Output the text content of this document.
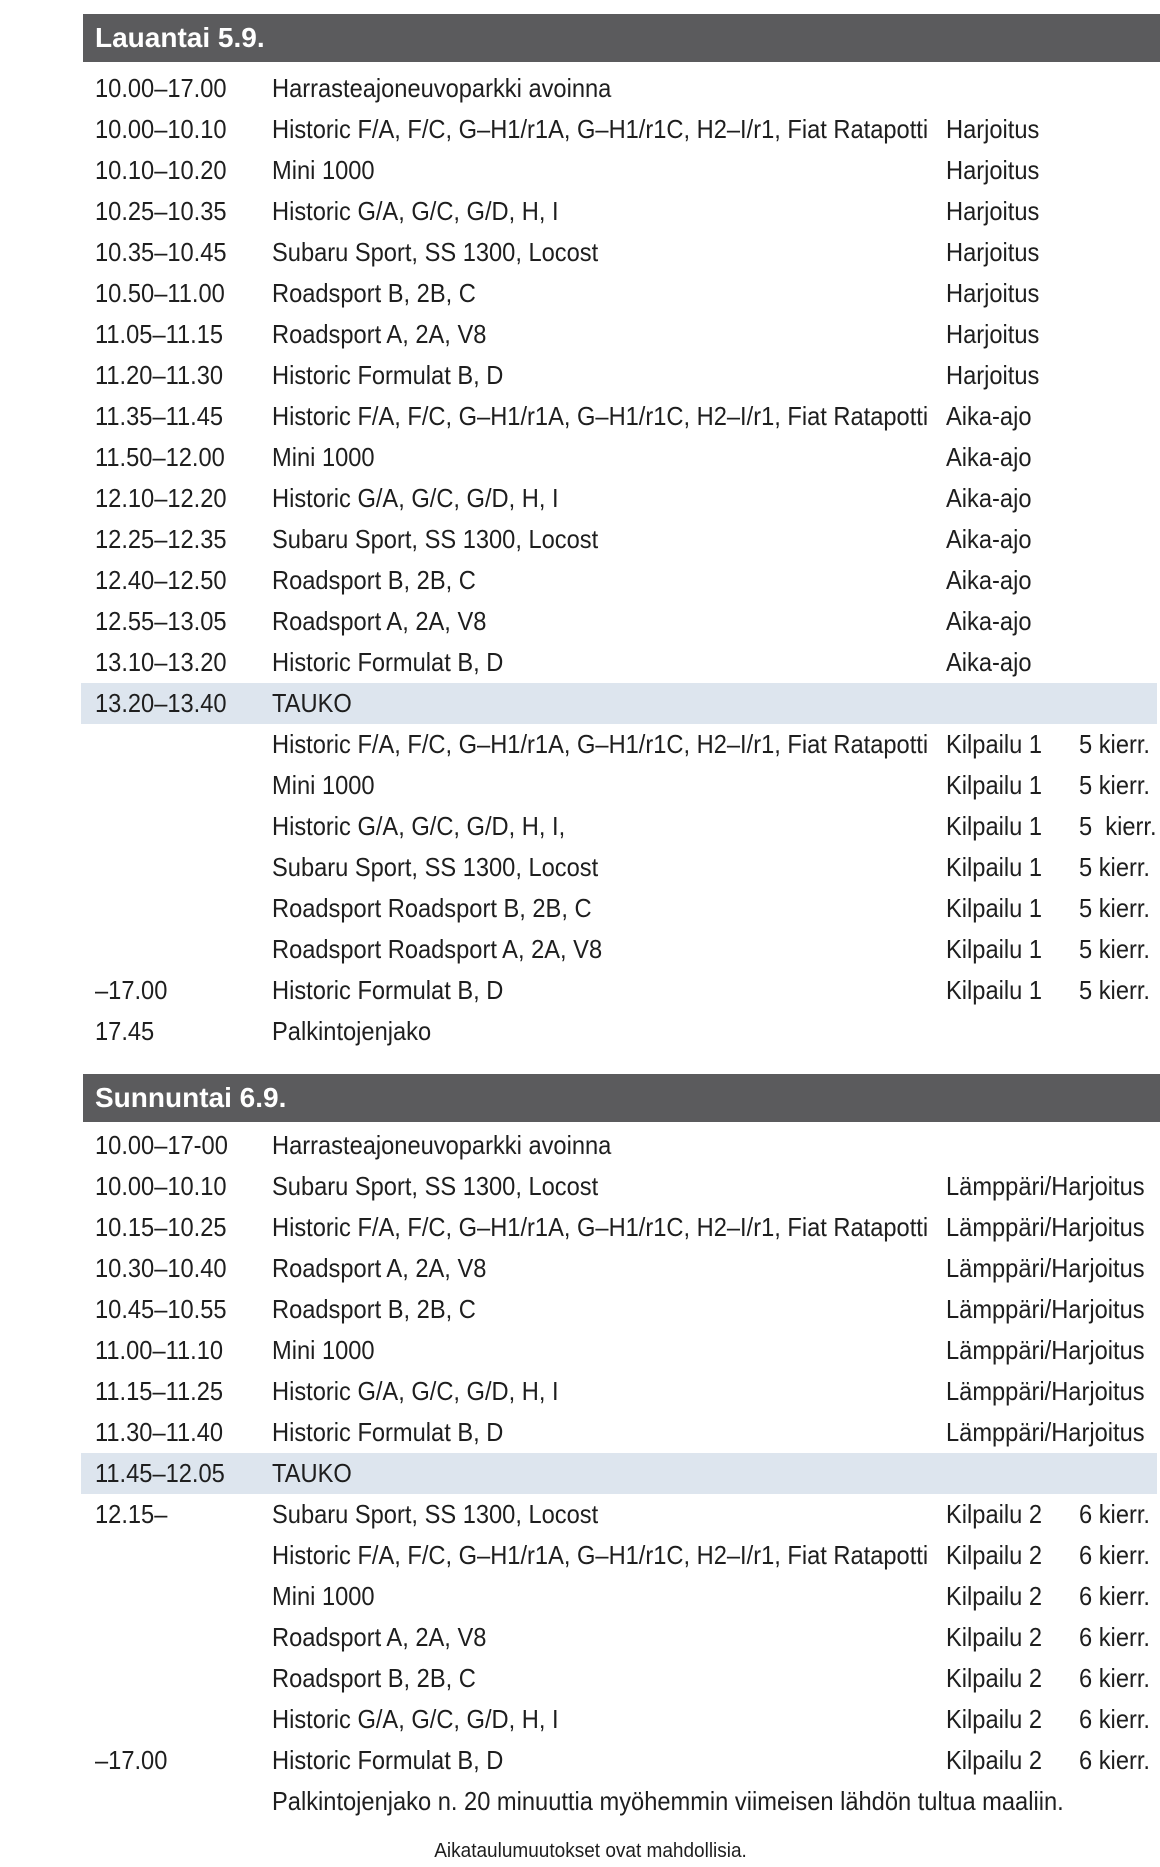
Lauantai 5.9.
10.00–17.00 Harrasteajoneuvoparkki avoinna
10.00–10.10 Historic F/A, F/C, G–H1/r1A, G–H1/r1C, H2–I/r1, Fiat Ratapotti Harjoitus
10.10–10.20 Mini 1000	Harjoitus
10.25–10.35 Historic G/A, G/C, G/D, H, I	Harjoitus
10.35–10.45 Subaru Sport, SS 1300, Locost	Harjoitus
10.50–11.00 Roadsport B, 2B, C	Harjoitus
11.05–11.15 Roadsport A, 2A, V8	Harjoitus
11.20–11.30 Historic Formulat B, D	Harjoitus
11.35–11.45 Historic F/A, F/C, G–H1/r1A, G–H1/r1C, H2–I/r1, Fiat Ratapotti Aika-ajo
11.50–12.00 Mini 1000	Aika-ajo
12.10–12.20 Historic G/A, G/C, G/D, H, I	Aika-ajo
12.25–12.35 Subaru Sport, SS 1300, Locost	Aika-ajo
12.40–12.50 Roadsport B, 2B, C	Aika-ajo
12.55–13.05 Roadsport A, 2A, V8	Aika-ajo
13.10–13.20 Historic Formulat B, D	Aika-ajo
13.20–13.40 TAUKO
Historic F/A, F/C, G–H1/r1A, G–H1/r1C, H2–I/r1, Fiat Ratapotti Kilpailu 1 5 kierr.
Mini 1000	Kilpailu 1 5 kierr.
Historic G/A, G/C, G/D, H, I,	Kilpailu 1 5  kierr.
Subaru Sport, SS 1300, Locost	Kilpailu 1 5 kierr.
Roadsport Roadsport B, 2B, C	Kilpailu 1 5 kierr.
Roadsport Roadsport A, 2A, V8	Kilpailu 1 5 kierr.
–17.00	Historic Formulat B, D	Kilpailu 1 5 kierr.
17.45	Palkintojenjako
Sunnuntai 6.9.
10.00–17-00 Harrasteajoneuvoparkki avoinna
10.00–10.10 Subaru Sport, SS 1300, Locost	Lämppäri/Harjoitus
10.15–10.25 Historic F/A, F/C, G–H1/r1A, G–H1/r1C, H2–I/r1, Fiat Ratapotti Lämppäri/Harjoitus
10.30–10.40 Roadsport A, 2A, V8	Lämppäri/Harjoitus
10.45–10.55 Roadsport B, 2B, C	Lämppäri/Harjoitus
11.00–11.10 Mini 1000	Lämppäri/Harjoitus
11.15–11.25 Historic G/A, G/C, G/D, H, I	Lämppäri/Harjoitus
11.30–11.40 Historic Formulat B, D	Lämppäri/Harjoitus
11.45–12.05 TAUKO
12.15–	Subaru Sport, SS 1300, Locost	Kilpailu 2 6 kierr.
Historic F/A, F/C, G–H1/r1A, G–H1/r1C, H2–I/r1, Fiat Ratapotti Kilpailu 2 6 kierr.
Mini 1000	Kilpailu 2 6 kierr.
Roadsport A, 2A, V8	Kilpailu 2 6 kierr.
Roadsport B, 2B, C	Kilpailu 2 6 kierr.
Historic G/A, G/C, G/D, H, I	Kilpailu 2 6 kierr.
–17.00	Historic Formulat B, D	Kilpailu 2 6 kierr.
Palkintojenjako n. 20 minuuttia myöhemmin viimeisen lähdön tultua maaliin.
Aikataulumuutokset ovat mahdollisia.
